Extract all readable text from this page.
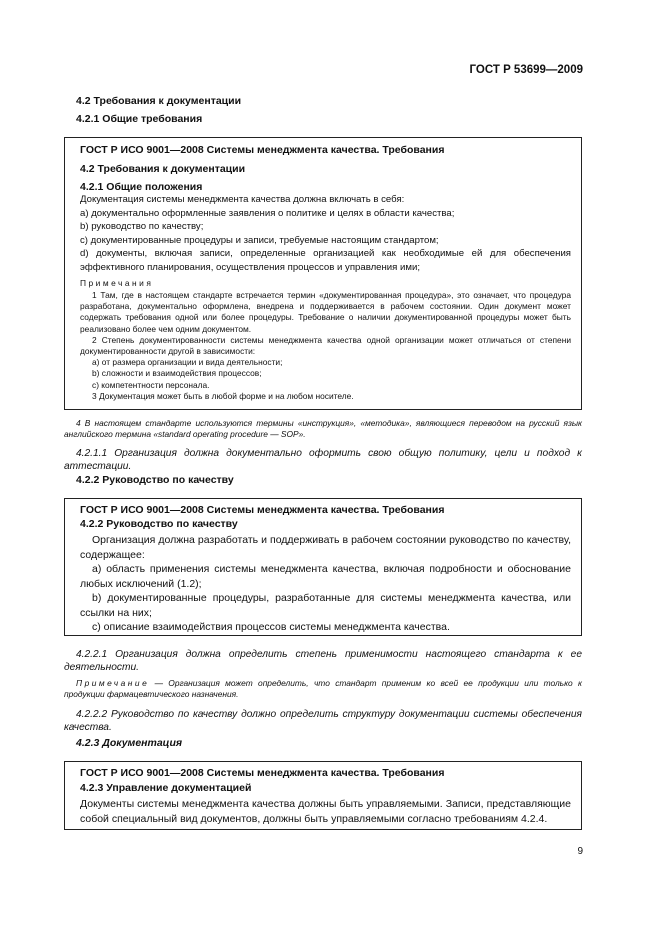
ГОСТ Р 53699—2009
4.2 Требования к документации
4.2.1 Общие требования
ГОСТ Р ИСО 9001—2008 Системы менеджмента качества. Требования
4.2 Требования к документации
4.2.1 Общие положения
Документация системы менеджмента качества должна включать в себя:
a) документально оформленные заявления о политике и целях в области качества;
b) руководство по качеству;
c) документированные процедуры и записи, требуемые настоящим стандартом;
d) документы, включая записи, определенные организацией как необходимые ей для обеспечения эффективного планирования, осуществления процессов и управления ими;
Примечания
1 Там, где в настоящем стандарте встречается термин «документированная процедура», это означает, что процедура разработана, документально оформлена, внедрена и поддерживается в рабочем состоянии. Один документ может содержать требования одной или более процедуры. Требование о наличии документированной процедуры может быть реализовано более чем одним документом.
2 Степень документированности системы менеджмента качества одной организации может отличаться от степени документированности другой в зависимости:
a) от размера организации и вида деятельности;
b) сложности и взаимодействия процессов;
c) компетентности персонала.
3 Документация может быть в любой форме и на любом носителе.
4 В настоящем стандарте используются термины «инструкция», «методика», являющиеся переводом на русский язык английского термина «standard operating procedure — SOP».
4.2.1.1 Организация должна документально оформить свою общую политику, цели и подход к аттестации.
4.2.2 Руководство по качеству
ГОСТ Р ИСО 9001—2008 Системы менеджмента качества. Требования
4.2.2 Руководство по качеству
Организация должна разработать и поддерживать в рабочем состоянии руководство по качеству, содержащее:
а) область применения системы менеджмента качества, включая подробности и обоснование любых исключений (1.2);
b) документированные процедуры, разработанные для системы менеджмента качества, или ссылки на них;
c) описание взаимодействия процессов системы менеджмента качества.
4.2.2.1 Организация должна определить степень применимости настоящего стандарта к ее деятельности.
Примечание — Организация может определить, что стандарт применим ко всей ее продукции или только к продукции фармацевтического назначения.
4.2.2.2 Руководство по качеству должно определить структуру документации системы обеспечения качества.
4.2.3 Документация
ГОСТ Р ИСО 9001—2008 Системы менеджмента качества. Требования
4.2.3 Управление документацией
Документы системы менеджмента качества должны быть управляемыми. Записи, представляющие собой специальный вид документов, должны быть управляемыми согласно требованиям 4.2.4.
9
